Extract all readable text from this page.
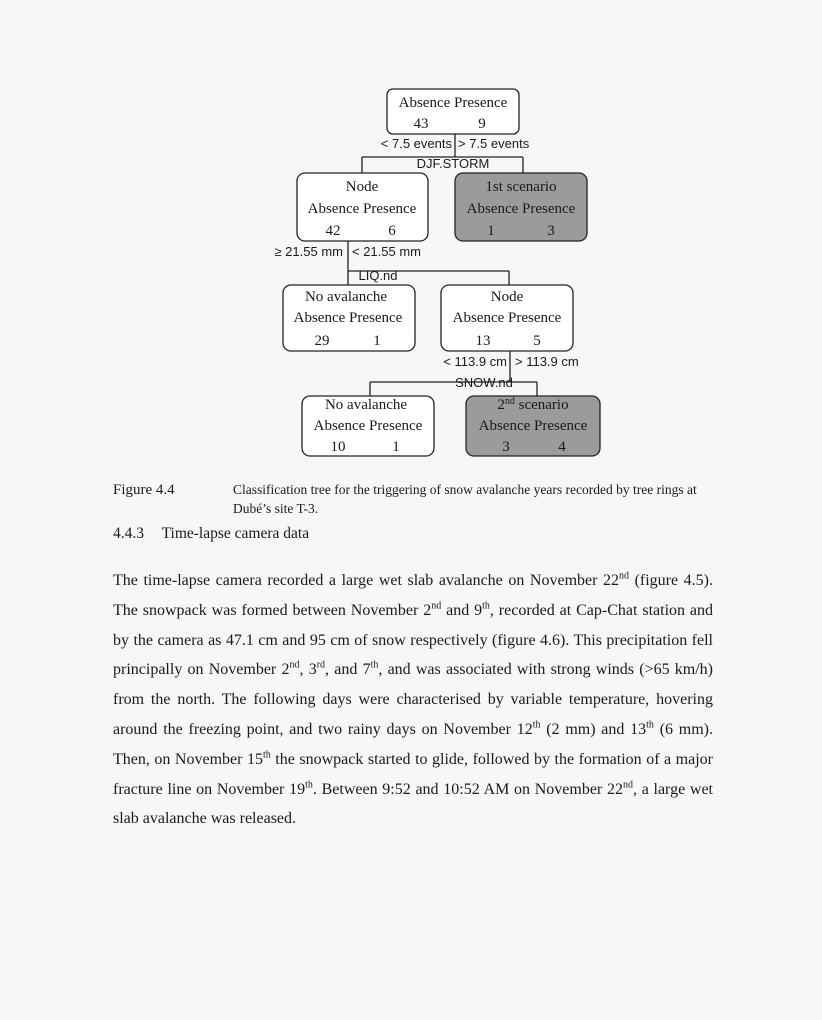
Absence Presence
43	9
< 7.5 events > 7.5 events
DJF.STORM
Node
Absence Presence
42	6
1st scenario
Absence Presence
1	3
≥ 21.55 mm < 21.55 mm
LIQ.nd
No avalanche
Absence Presence
29	1
Node
Absence Presence
13	5
< 113.9 cm > 113.9 cm
SNOW.nd
No avalanche
Absence Presence
10	1
2nd scenario
Absence Presence
3	4
Figure 4.4	Classification tree for the triggering of snow avalanche years recorded by tree rings at Dubé’s site T-3.
4.4.3 Time-lapse camera data

The time-lapse camera recorded a large wet slab avalanche on November 22nd (figure 4.5). The snowpack was formed between November 2nd and 9th, recorded at Cap-Chat station and by the camera as 47.1 cm and 95 cm of snow respectively (figure 4.6). This precipitation fell principally on November 2nd, 3rd, and 7th, and was associated with strong winds (>65 km/h) from the north. The following days were characterised by variable temperature, hovering around the freezing point, and two rainy days on November 12th (2 mm) and 13th (6 mm). Then, on November 15th the snowpack started to glide, followed by the formation of a major fracture line on November 19th. Between 9:52 and 10:52 AM on November 22nd, a large wet slab avalanche was released.
